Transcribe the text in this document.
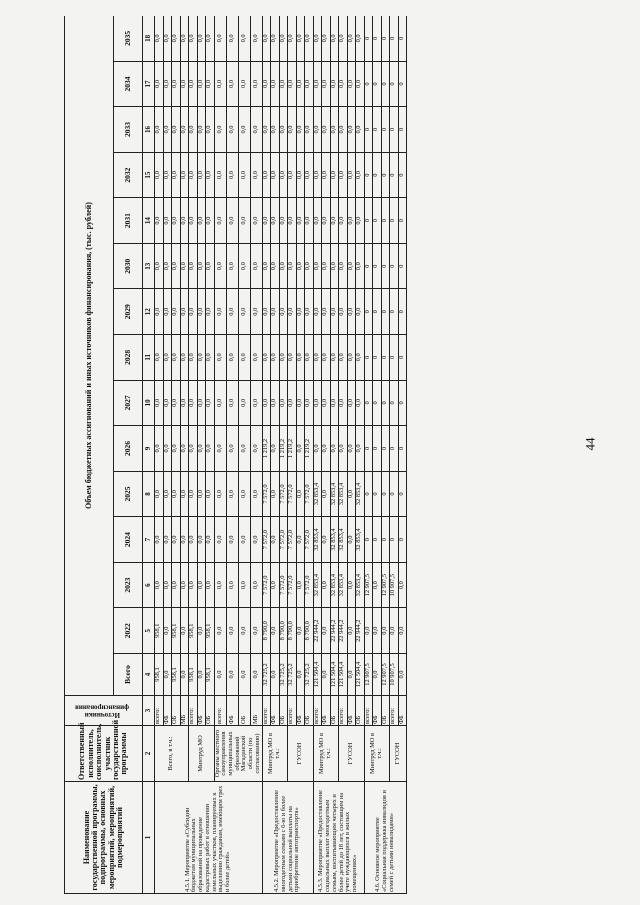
44
Наименование государственной программы, подпрограммы, основных мероприятий, мероприятий, подмероприятий	Ответственный исполнитель, соисполнитель, участник государственной программы	Источники финансирования	Объем бюджетных ассигнований и иных источников финансирования, (тыс. рублей)														
			Всего	2022	2023	2024	2025	2026	2027	2028	2029	2030	2031	2032	2033	2034	2035
1	2	3	4	5	6	7	8	9	10	11	12	13	14	15	16	17	18
4.5.1. Мероприятие «Субсидии бюджетам муниципальных образований на проведение кадастровых работ в отношении земельных участков, планируемых к выделению гражданам, имеющим трех и более детей»	Всего, в т.ч.:	всего:	958,1	958,1	0,0	0,0	0,0	0,0	0,0	0,0	0,0	0,0	0,0	0,0	0,0	0,0	0,0
		ФБ	0,0	0,0	0,0	0,0	0,0	0,0	0,0	0,0	0,0	0,0	0,0	0,0	0,0	0,0	0,0
		ОБ	958,1	958,1	0,0	0,0	0,0	0,0	0,0	0,0	0,0	0,0	0,0	0,0	0,0	0,0	0,0
		МБ	0,0	0,0	0,0	0,0	0,0	0,0	0,0	0,0	0,0	0,0	0,0	0,0	0,0	0,0	0,0
	Минтруд МО	всего:	958,1	958,1	0,0	0,0	0,0	0,0	0,0	0,0	0,0	0,0	0,0	0,0	0,0	0,0	0,0
		ФБ	0,0	0,0	0,0	0,0	0,0	0,0	0,0	0,0	0,0	0,0	0,0	0,0	0,0	0,0	0,0
		ОБ	958,1	958,1	0,0	0,0	0,0	0,0	0,0	0,0	0,0	0,0	0,0	0,0	0,0	0,0	0,0
	Органы местного самоуправления муниципальных образований Магаданской области (по согласованию)	всего:	0,0	0,0	0,0	0,0	0,0	0,0	0,0	0,0	0,0	0,0	0,0	0,0	0,0	0,0	0,0
		ФБ	0,0	0,0	0,0	0,0	0,0	0,0	0,0	0,0	0,0	0,0	0,0	0,0	0,0	0,0	0,0
		ОБ	0,0	0,0	0,0	0,0	0,0	0,0	0,0	0,0	0,0	0,0	0,0	0,0	0,0	0,0	0,0
		МБ	0,0	0,0	0,0	0,0	0,0	0,0	0,0	0,0	0,0	0,0	0,0	0,0	0,0	0,0	0,0
4.5.2. Мероприятие «Предоставление многодетным семьям с 6-ю и более детьми социальной выплаты на приобретение автотранспорта»	Минтруд МО в т.ч.:	всего:	32 725,2	8 790,0	7 572,0	7 572,0	7 572,0	1 219,2	0,0	0,0	0,0	0,0	0,0	0,0	0,0	0,0	0,0
		ФБ	0,0	0,0	0,0	0,0	0,0	0,0	0,0	0,0	0,0	0,0	0,0	0,0	0,0	0,0	0,0
		ОБ	32 725,2	8 790,0	7 572,0	7 572,0	7 572,0	1 219,2	0,0	0,0	0,0	0,0	0,0	0,0	0,0	0,0	0,0
	ГУСОН	всего:	32 725,2	8 790,0	7 572,0	7 572,0	7 572,0	1 219,2	0,0	0,0	0,0	0,0	0,0	0,0	0,0	0,0	0,0
		ФБ	0,0	0,0	0,0	0,0	0,0	0,0	0,0	0,0	0,0	0,0	0,0	0,0	0,0	0,0	0,0
		ОБ	32 725,2	8 790,0	7 572,0	7 572,0	7 572,0	1 219,2	0,0	0,0	0,0	0,0	0,0	0,0	0,0	0,0	0,0
4.5.3. Мероприятие «Предоставление социальных выплат многодетным семьям, воспитывающим четырех и более детей до 18 лет, состоящим на учете нуждающихся в жилых помещениях»	Минтруд МО в т.ч.:	всего:	121 504,4	22 944,2	32 853,4	32 853,4	32 853,4	0,0	0,0	0,0	0,0	0,0	0,0	0,0	0,0	0,0	0,0
		ФБ	0,0	0,0	0,0	0,0	0,0	0,0	0,0	0,0	0,0	0,0	0,0	0,0	0,0	0,0	0,0
		ОБ	121 504,4	22 944,2	32 853,4	32 853,4	32 853,4	0,0	0,0	0,0	0,0	0,0	0,0	0,0	0,0	0,0	0,0
	ГУСОН	всего:	121 504,4	22 944,2	32 853,4	32 853,4	32 853,4	0,0	0,0	0,0	0,0	0,0	0,0	0,0	0,0	0,0	0,0
		ФБ	0,0	0,0	0,0	0,0	0,0	0,0	0,0	0,0	0,0	0,0	0,0	0,0	0,0	0,0	0,0
		ОБ	121 504,4	22 944,2	32 853,4	32 853,4	32 853,4	0,0	0,0	0,0	0,0	0,0	0,0	0,0	0,0	0,0	0,0
4.6. Основное мероприятие «Социальная поддержка инвалидов и семей с детьми инвалидами»	Минтруд МО в т.ч.:	всего:	12 907,5	0,0	12 907,5	0	0	0	0	0	0	0	0	0	0	0	0
		ФБ	0,0	0,0	0,0	0	0	0	0	0	0	0	0	0	0	0	0
		ОБ	12 907,5	0,0	12 907,5	0	0	0	0	0	0	0	0	0	0	0	0
	ГУСОН	всего:	10 907,5	0,0	10 907,5	0	0	0	0	0	0	0	0	0	0	0	0
		ФБ	0,0	0,0	0,0	0	0	0	0	0	0	0	0	0	0	0	0
